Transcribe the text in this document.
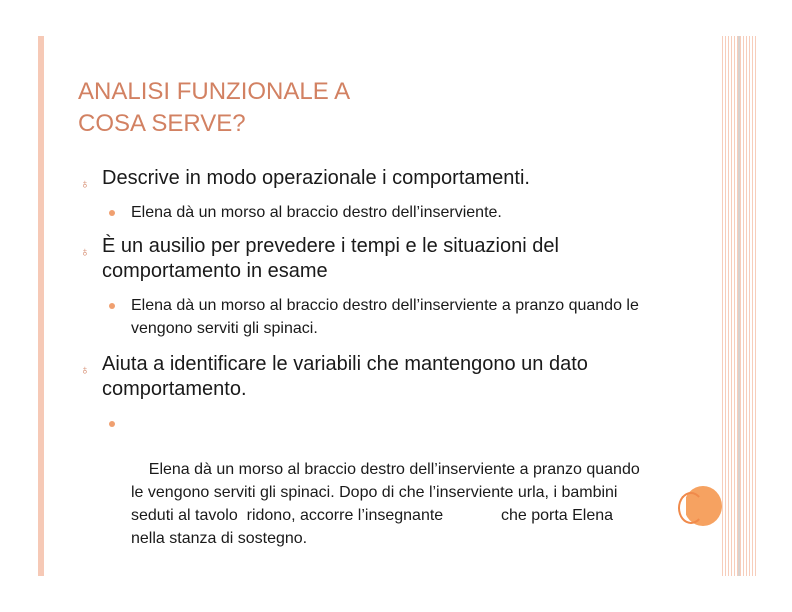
ANALISI FUNZIONALE A
COSA SERVE?
♁ Descrive in modo operazionale i comportamenti.
Elena dà un morso al braccio destro dell’inserviente.
♁ È un ausilio per prevedere i tempi e le situazioni del comportamento in esame
Elena dà un morso al braccio destro dell’inserviente a pranzo quando le vengono serviti gli spinaci.
♁ Aiuta a identificare le variabili che mantengono un dato comportamento.

Elena dà un morso al braccio destro dell’inserviente a pranzo quando le vengono serviti gli spinaci. Dopo di che l’inserviente urla, i bambini seduti al tavolo  ridono, accorre l’insegnante             che porta Elena nella stanza di sostegno.
